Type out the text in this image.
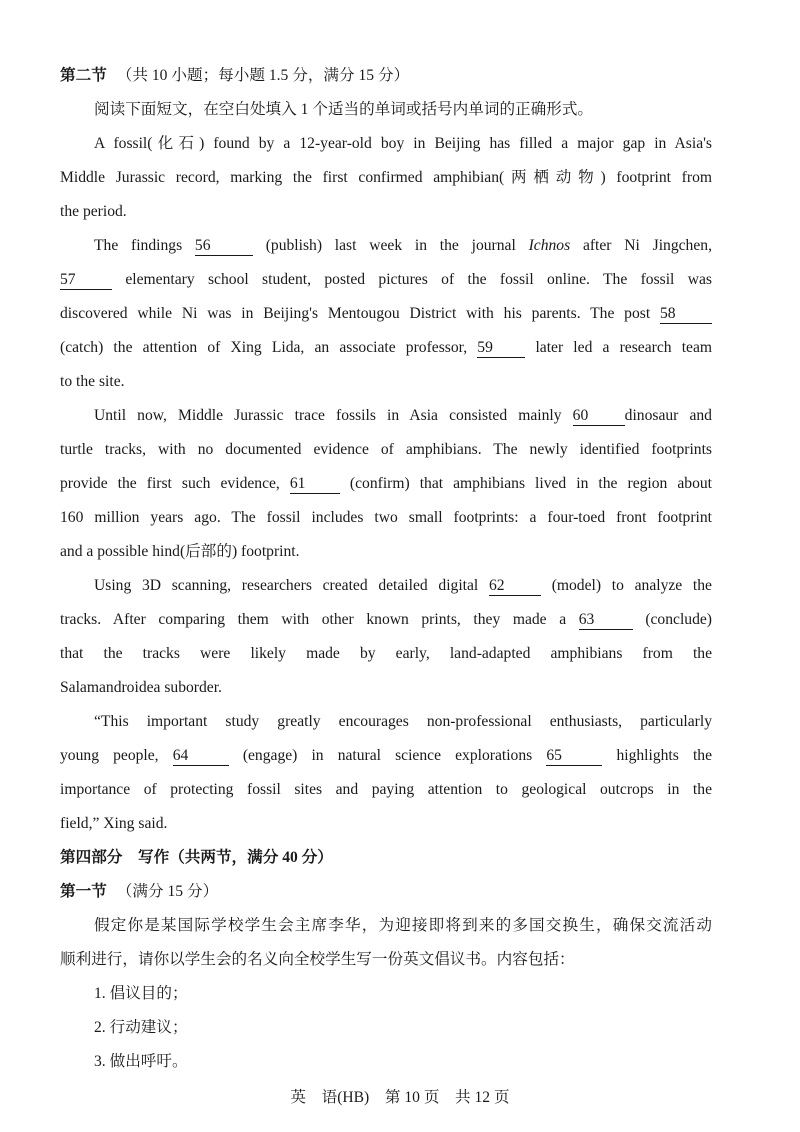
第二节 （共 10 小题；每小题 1.5 分，满分 15 分）
阅读下面短文，在空白处填入 1 个适当的单词或括号内单词的正确形式。
A fossil(化石) found by a 12-year-old boy in Beijing has filled a major gap in Asia's
Middle Jurassic record, marking the first confirmed amphibian(两栖动物) footprint from
the period.
The findings 56	(publish) last week in the journal Ichnos after Ni Jingchen,
57	elementary school student, posted pictures of the fossil online. The fossil was
discovered while Ni was in Beijing's Mentougou District with his parents. The post 58
(catch) the attention of Xing Lida, an associate professor, 59	later led a research team
to the site.
Until now, Middle Jurassic trace fossils in Asia consisted mainly 60 dinosaur and
turtle tracks, with no documented evidence of amphibians. The newly identified footprints
provide the first such evidence, 61	(confirm) that amphibians lived in the region about
160 million years ago. The fossil includes two small footprints: a four-toed front footprint
and a possible hind(后部的) footprint.
Using 3D scanning, researchers created detailed digital 62	(model) to analyze the
tracks. After comparing them with other known prints, they made a 63	(conclude)
that the tracks were likely made by early, land-adapted amphibians from the
Salamandroidea suborder.
“This important study greatly encourages non-professional enthusiasts, particularly
young people, 64	(engage) in natural science explorations 65	highlights the
importance of protecting fossil sites and paying attention to geological outcrops in the
field,” Xing said.
第四部分　写作（共两节，满分 40 分）
第一节 （满分 15 分）
假定你是某国际学校学生会主席李华，为迎接即将到来的多国交换生，确保交流活动
顺利进行，请你以学生会的名义向全校学生写一份英文倡议书。内容包括：
1. 倡议目的；
2. 行动建议；
3. 做出呼吁。
英　语(HB)　第 10 页　共 12 页
